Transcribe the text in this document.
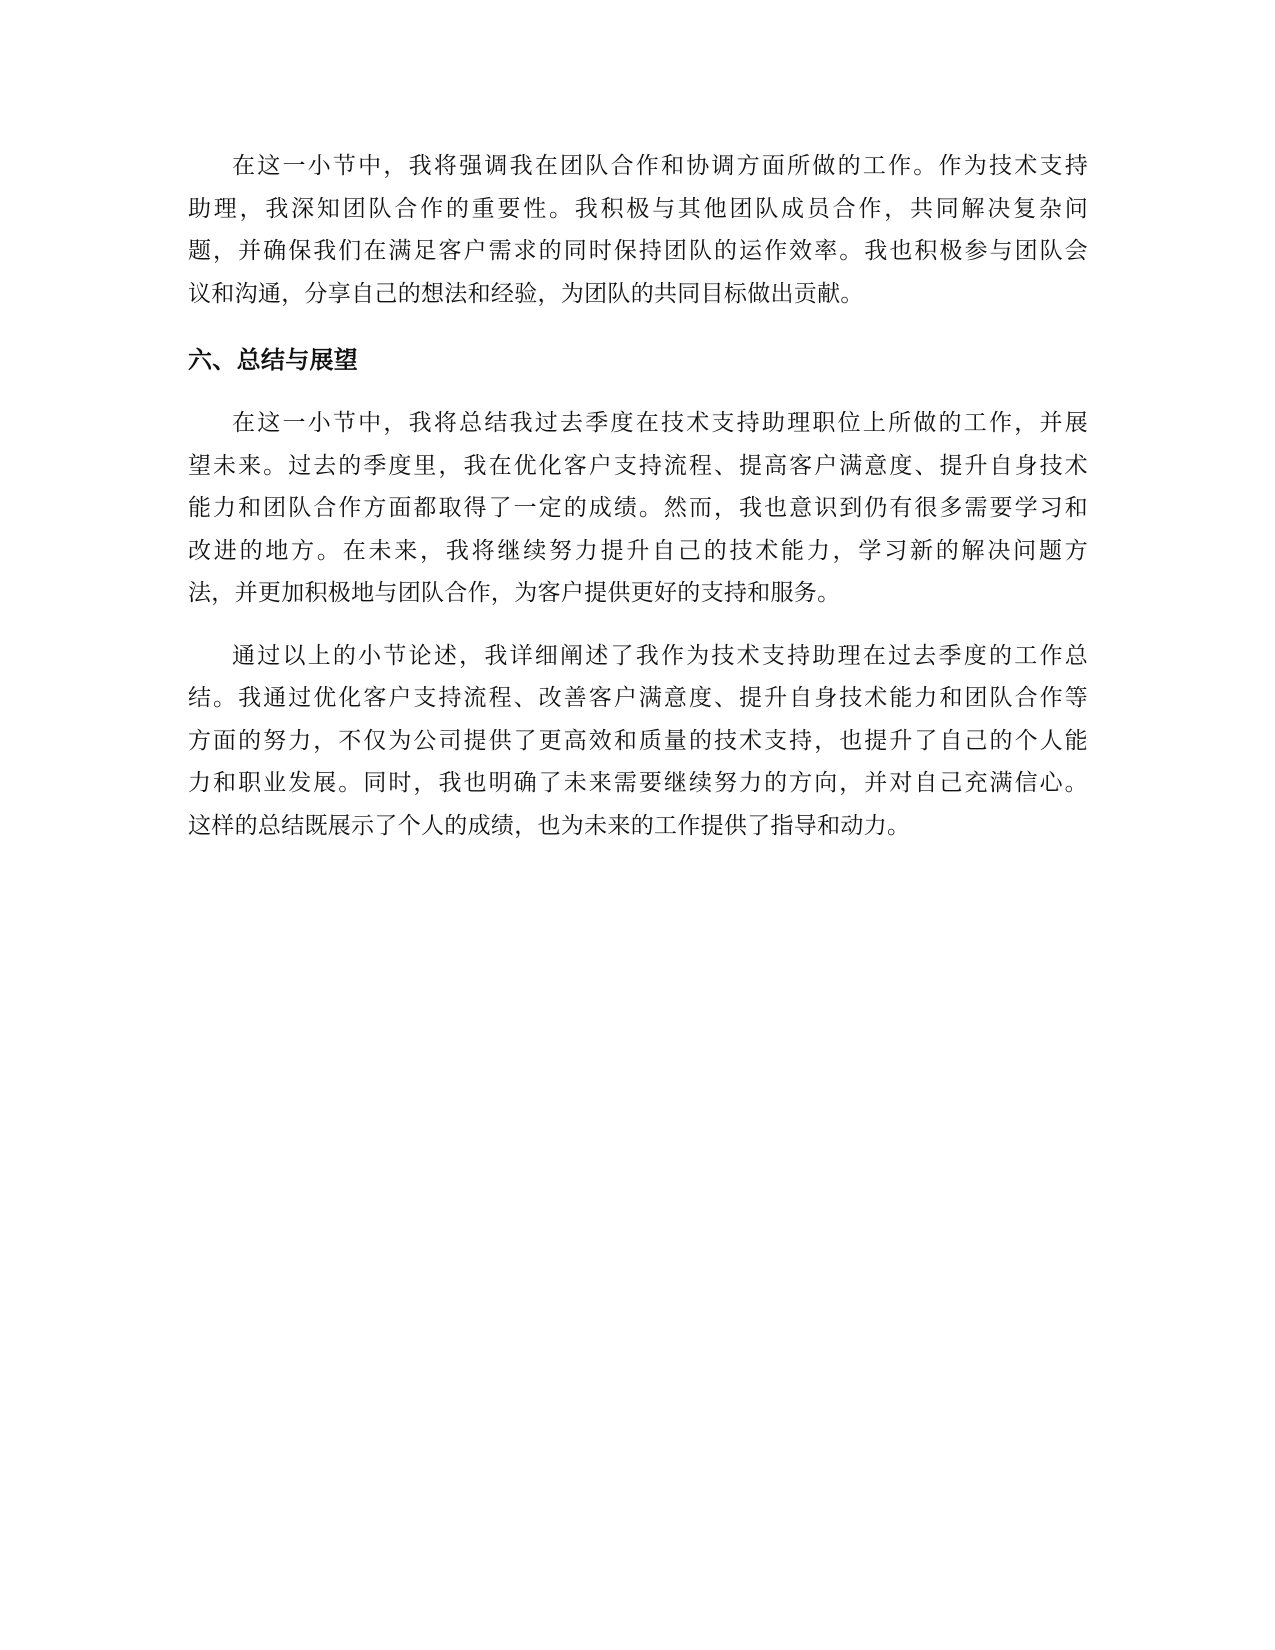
在这一小节中，我将强调我在团队合作和协调方面所做的工作。作为技术支持
助理，我深知团队合作的重要性。我积极与其他团队成员合作，共同解决复杂问
题，并确保我们在满足客户需求的同时保持团队的运作效率。我也积极参与团队会
议和沟通，分享自己的想法和经验，为团队的共同目标做出贡献。
六、总结与展望
在这一小节中，我将总结我过去季度在技术支持助理职位上所做的工作，并展
望未来。过去的季度里，我在优化客户支持流程、提高客户满意度、提升自身技术
能力和团队合作方面都取得了一定的成绩。然而，我也意识到仍有很多需要学习和
改进的地方。在未来，我将继续努力提升自己的技术能力，学习新的解决问题方
法，并更加积极地与团队合作，为客户提供更好的支持和服务。
通过以上的小节论述，我详细阐述了我作为技术支持助理在过去季度的工作总
结。我通过优化客户支持流程、改善客户满意度、提升自身技术能力和团队合作等
方面的努力，不仅为公司提供了更高效和质量的技术支持，也提升了自己的个人能
力和职业发展。同时，我也明确了未来需要继续努力的方向，并对自己充满信心。
这样的总结既展示了个人的成绩，也为未来的工作提供了指导和动力。
